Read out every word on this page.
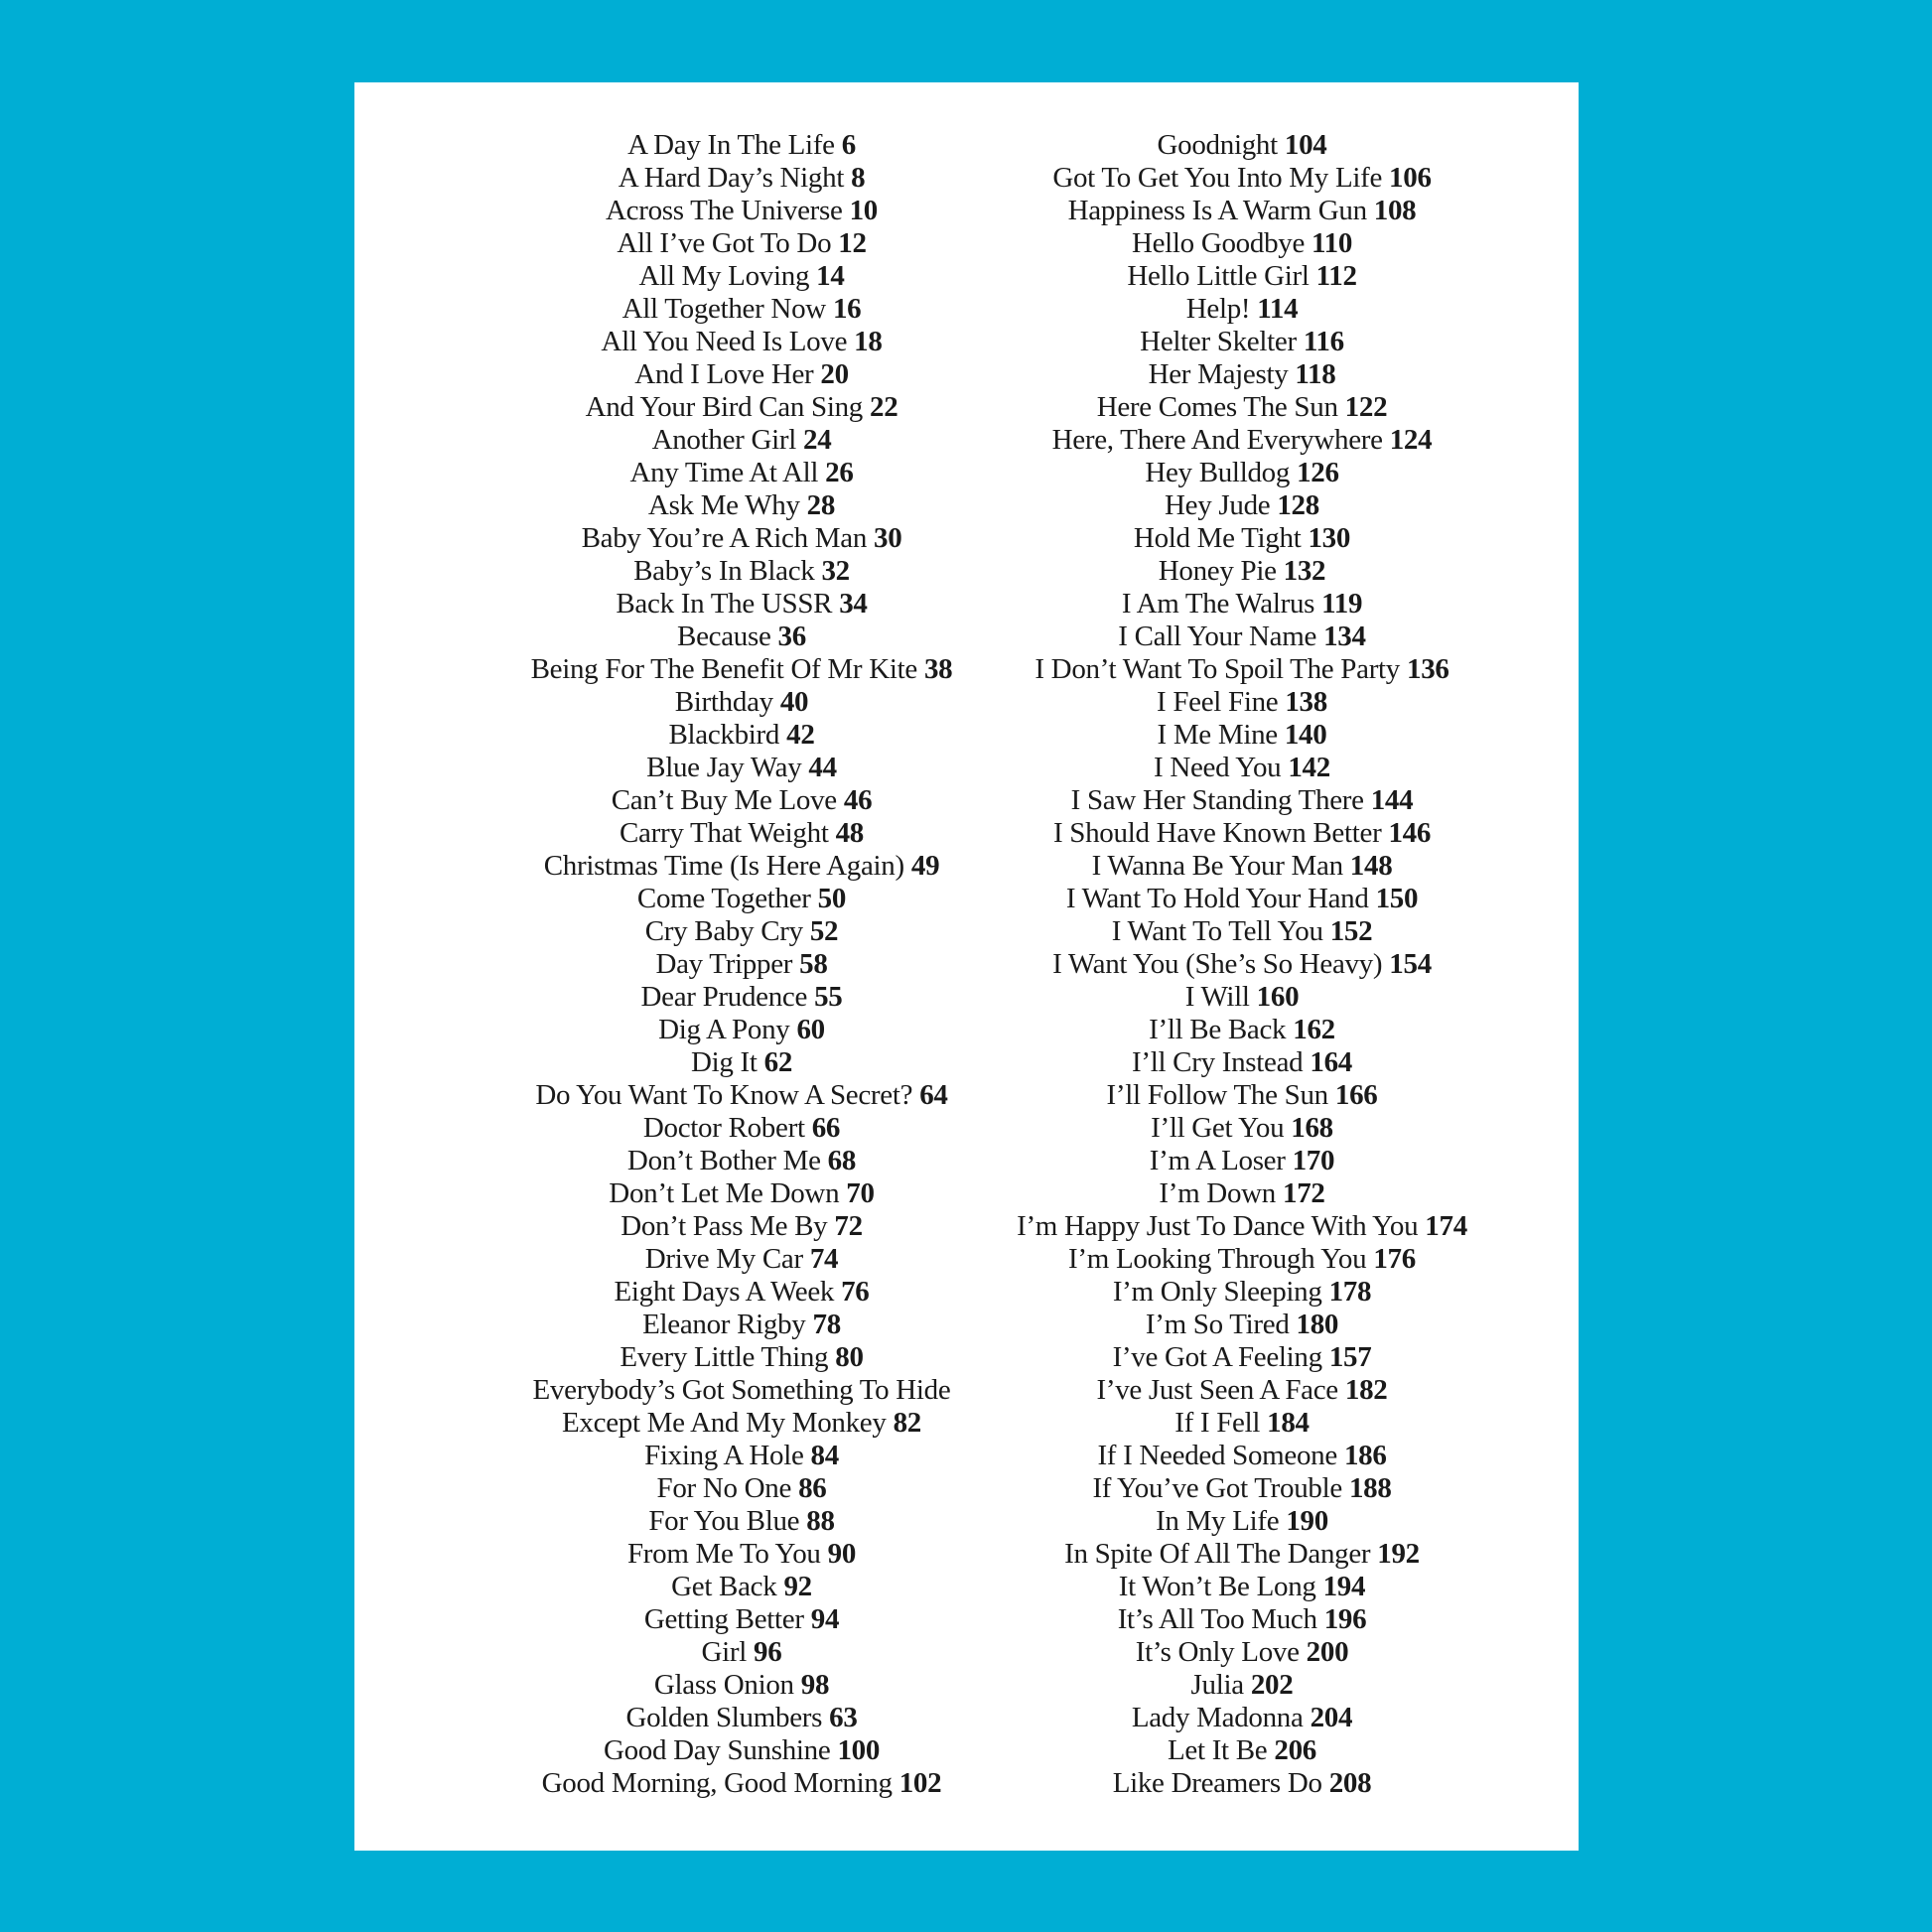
A Day In The Life 6
A Hard Day’s Night 8
Across The Universe 10
All I’ve Got To Do 12
All My Loving 14
All Together Now 16
All You Need Is Love 18
And I Love Her 20
And Your Bird Can Sing 22
Another Girl 24
Any Time At All 26
Ask Me Why 28
Baby You’re A Rich Man 30
Baby’s In Black 32
Back In The USSR 34
Because 36
Being For The Benefit Of Mr Kite 38
Birthday 40
Blackbird 42
Blue Jay Way 44
Can’t Buy Me Love 46
Carry That Weight 48
Christmas Time (Is Here Again) 49
Come Together 50
Cry Baby Cry 52
Day Tripper 58
Dear Prudence 55
Dig A Pony 60
Dig It 62
Do You Want To Know A Secret? 64
Doctor Robert 66
Don’t Bother Me 68
Don’t Let Me Down 70
Don’t Pass Me By 72
Drive My Car 74
Eight Days A Week 76
Eleanor Rigby 78
Every Little Thing 80
Everybody’s Got Something To Hide
Except Me And My Monkey 82
Fixing A Hole 84
For No One 86
For You Blue 88
From Me To You 90
Get Back 92
Getting Better 94
Girl 96
Glass Onion 98
Golden Slumbers 63
Good Day Sunshine 100
Good Morning, Good Morning 102
Goodnight 104
Got To Get You Into My Life 106
Happiness Is A Warm Gun 108
Hello Goodbye 110
Hello Little Girl 112
Help! 114
Helter Skelter 116
Her Majesty 118
Here Comes The Sun 122
Here, There And Everywhere 124
Hey Bulldog 126
Hey Jude 128
Hold Me Tight 130
Honey Pie 132
I Am The Walrus 119
I Call Your Name 134
I Don’t Want To Spoil The Party 136
I Feel Fine 138
I Me Mine 140
I Need You 142
I Saw Her Standing There 144
I Should Have Known Better 146
I Wanna Be Your Man 148
I Want To Hold Your Hand 150
I Want To Tell You 152
I Want You (She’s So Heavy) 154
I Will 160
I’ll Be Back 162
I’ll Cry Instead 164
I’ll Follow The Sun 166
I’ll Get You 168
I’m A Loser 170
I’m Down 172
I’m Happy Just To Dance With You 174
I’m Looking Through You 176
I’m Only Sleeping 178
I’m So Tired 180
I’ve Got A Feeling 157
I’ve Just Seen A Face 182
If I Fell 184
If I Needed Someone 186
If You’ve Got Trouble 188
In My Life 190
In Spite Of All The Danger 192
It Won’t Be Long 194
It’s All Too Much 196
It’s Only Love 200
Julia 202
Lady Madonna 204
Let It Be 206
Like Dreamers Do 208
